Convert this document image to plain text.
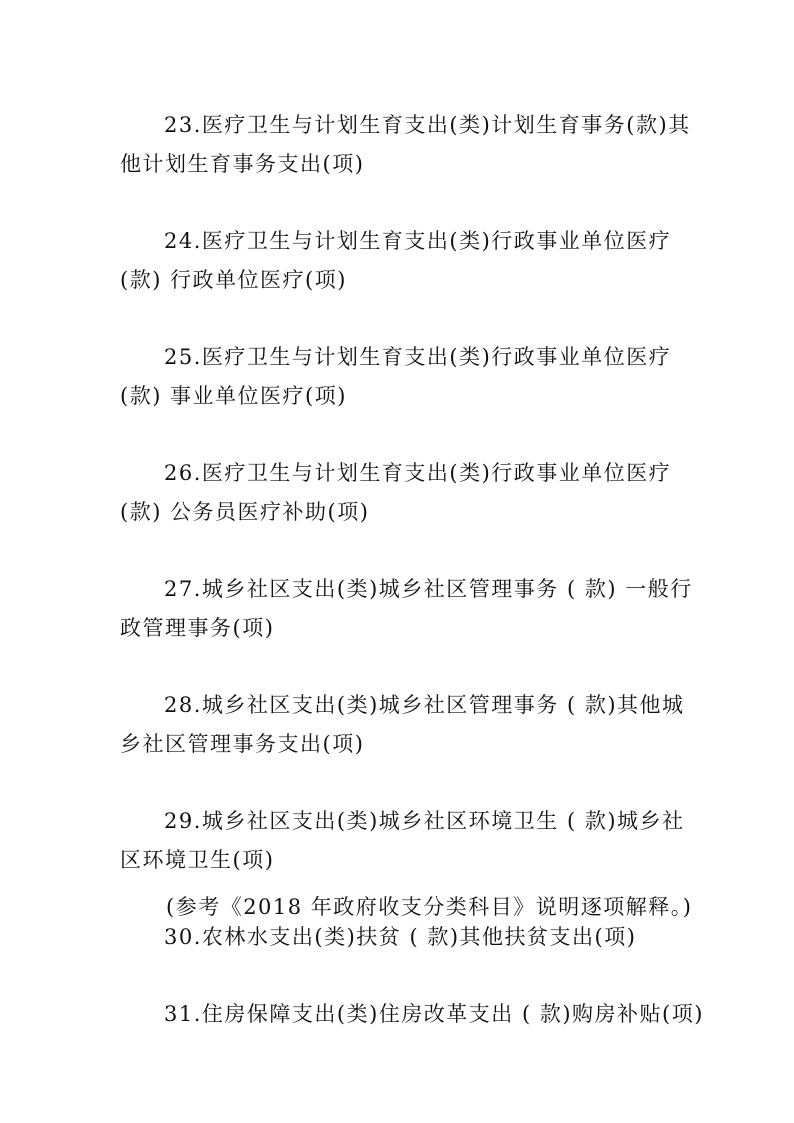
23.医疗卫生与计划生育支出(类)计划生育事务(款)其
他计划生育事务支出(项)
24.医疗卫生与计划生育支出(类)行政事业单位医疗
(款) 行政单位医疗(项)
25.医疗卫生与计划生育支出(类)行政事业单位医疗
(款) 事业单位医疗(项)
26.医疗卫生与计划生育支出(类)行政事业单位医疗
(款) 公务员医疗补助(项)
27.城乡社区支出(类)城乡社区管理事务 ( 款) 一般行
政管理事务(项)
28.城乡社区支出(类)城乡社区管理事务 ( 款)其他城
乡社区管理事务支出(项)
29.城乡社区支出(类)城乡社区环境卫生 ( 款)城乡社
区环境卫生(项)
30.农林水支出(类)扶贫 ( 款)其他扶贫支出(项)
31.住房保障支出(类)住房改革支出 ( 款)购房补贴(项)
(参考《2018 年政府收支分类科目》说明逐项解释。)
